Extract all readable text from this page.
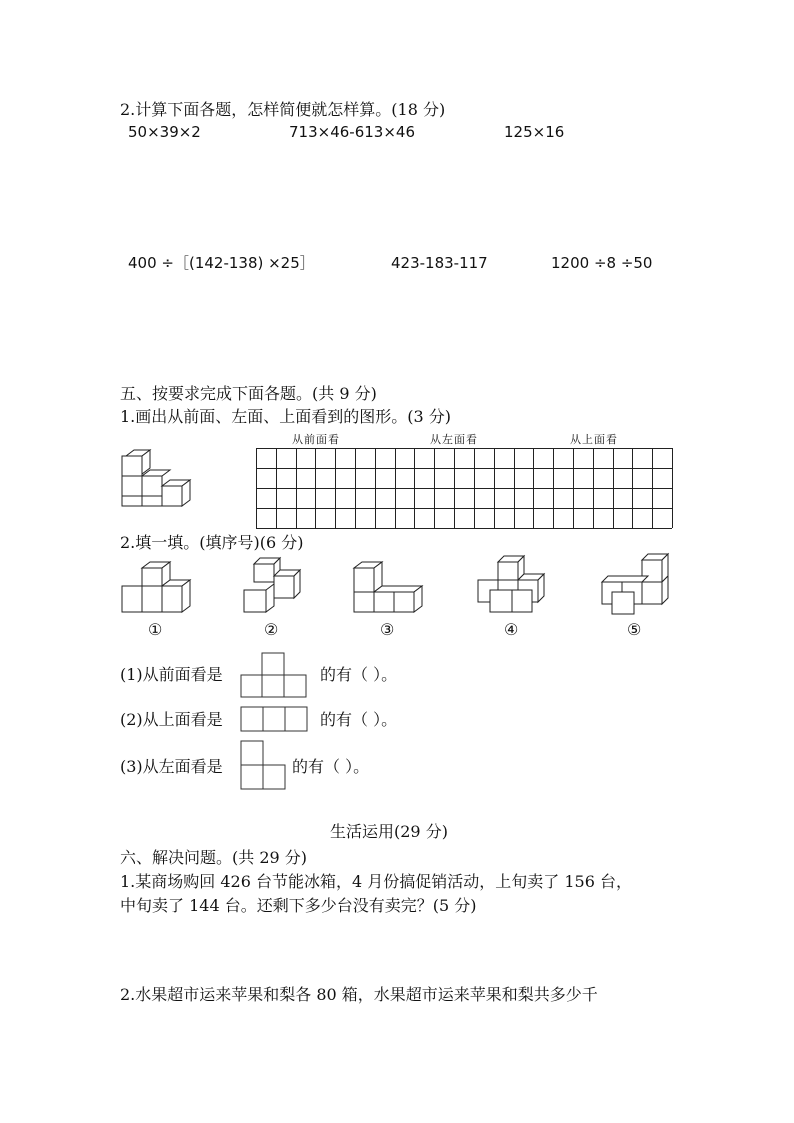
2.计算下面各题，怎样简便就怎样算。(18 分)
50×39×2	713×46-613×46	125×16
400 ÷［(142-138) ×25］	423-183-117	1200 ÷8 ÷50
五、按要求完成下面各题。(共 9 分)
1.画出从前面、左面、上面看到的图形。(3 分)
从前面看	从左面看	从上面看
2.填一填。(填序号)(6 分)
①	②	③	④	⑤
(1)从前面看是	的有（ ）。
(2)从上面看是	的有（ ）。
(3)从左面看是	的有（ ）。
生活运用(29 分)
六、解决问题。(共 29 分)
1.某商场购回 426 台节能冰箱，4 月份搞促销活动，上旬卖了 156 台，
中旬卖了 144 台。还剩下多少台没有卖完？(5 分)
2.水果超市运来苹果和梨各 80 箱，水果超市运来苹果和梨共多少千
